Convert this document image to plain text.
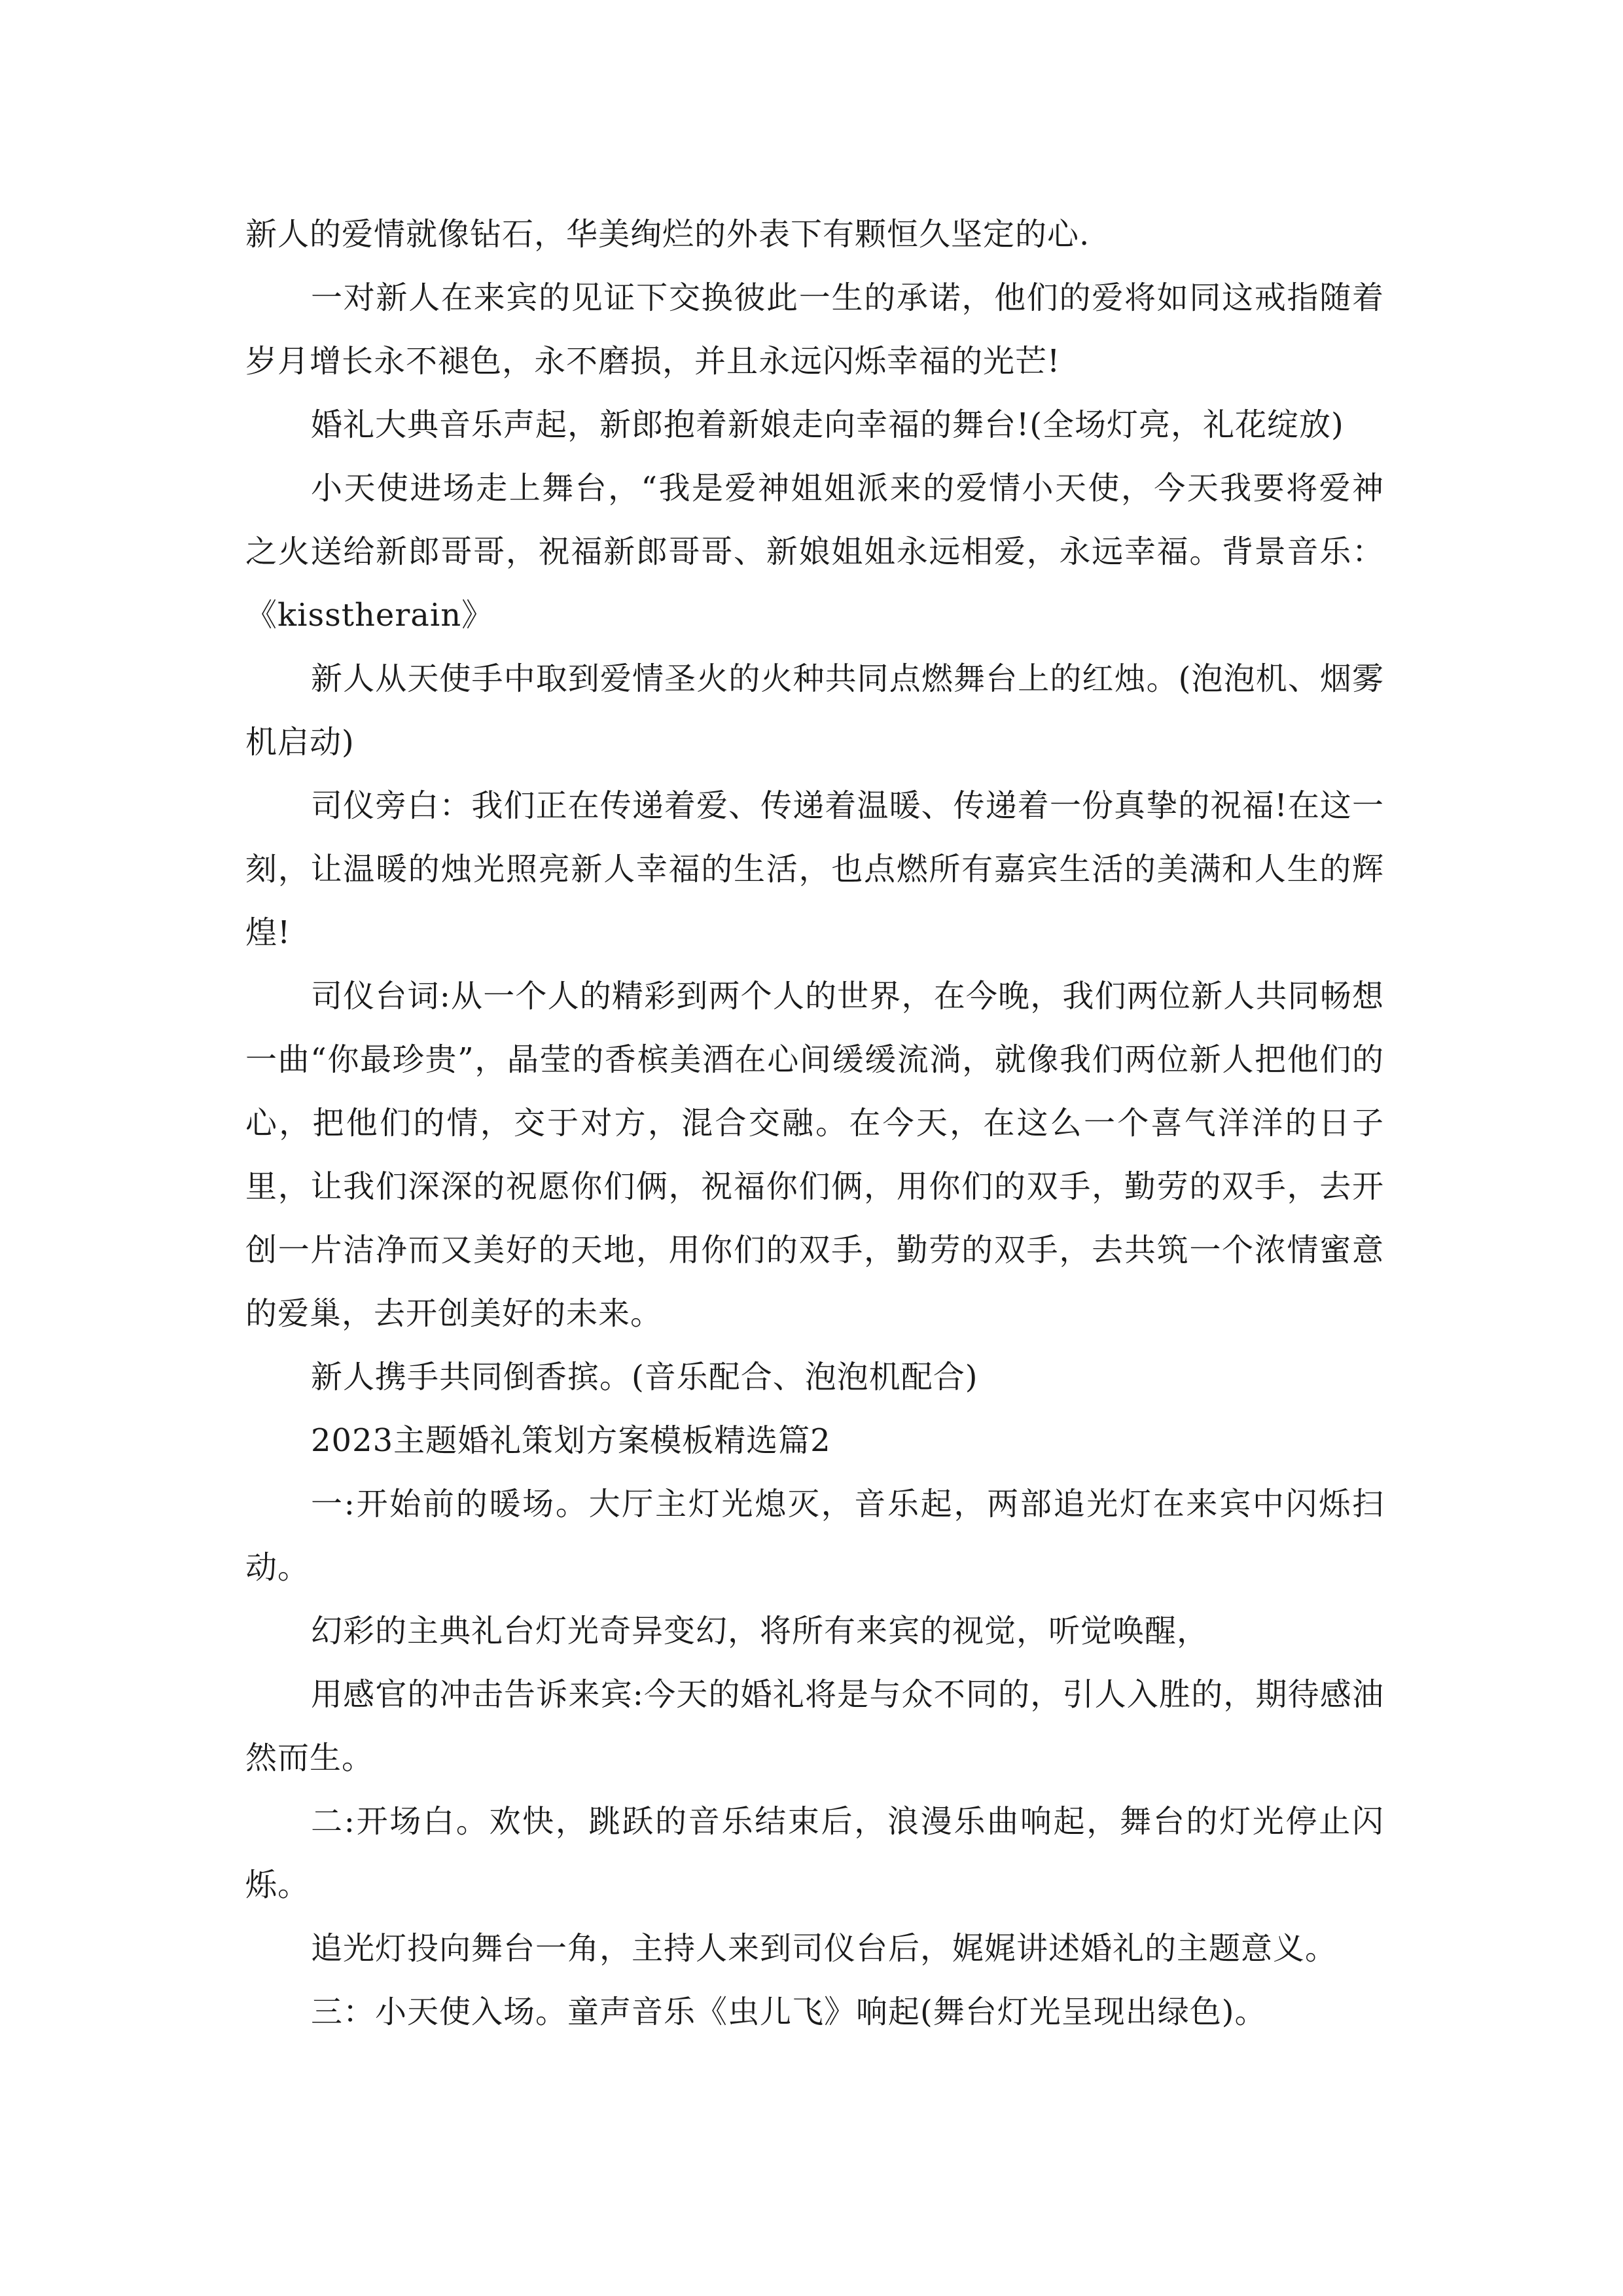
新人的爱情就像钻石，华美绚烂的外表下有颗恒久坚定的心.

一对新人在来宾的见证下交换彼此一生的承诺，他们的爱将如同这戒指随着岁月增长永不褪色，永不磨损，并且永远闪烁幸福的光芒!

婚礼大典音乐声起，新郎抱着新娘走向幸福的舞台!(全场灯亮，礼花绽放)

小天使进场走上舞台，“我是爱神姐姐派来的爱情小天使，今天我要将爱神之火送给新郎哥哥，祝福新郎哥哥、新娘姐姐永远相爱，永远幸福。背景音乐：《kisstherain》

新人从天使手中取到爱情圣火的火种共同点燃舞台上的红烛。(泡泡机、烟雾机启动)

司仪旁白：我们正在传递着爱、传递着温暖、传递着一份真挚的祝福!在这一刻，让温暖的烛光照亮新人幸福的生活，也点燃所有嘉宾生活的美满和人生的辉煌!

司仪台词:从一个人的精彩到两个人的世界，在今晚，我们两位新人共同畅想一曲“你最珍贵”，晶莹的香槟美酒在心间缓缓流淌，就像我们两位新人把他们的心，把他们的情，交于对方，混合交融。在今天，在这么一个喜气洋洋的日子里，让我们深深的祝愿你们俩，祝福你们俩，用你们的双手，勤劳的双手，去开创一片洁净而又美好的天地，用你们的双手，勤劳的双手，去共筑一个浓情蜜意的爱巢，去开创美好的未来。

新人携手共同倒香摈。(音乐配合、泡泡机配合)

2023主题婚礼策划方案模板精选篇2

一:开始前的暖场。大厅主灯光熄灭，音乐起，两部追光灯在来宾中闪烁扫动。

幻彩的主典礼台灯光奇异变幻，将所有来宾的视觉，听觉唤醒，

用感官的冲击告诉来宾:今天的婚礼将是与众不同的，引人入胜的，期待感油然而生。

二:开场白。欢快，跳跃的音乐结束后，浪漫乐曲响起，舞台的灯光停止闪烁。

追光灯投向舞台一角，主持人来到司仪台后，娓娓讲述婚礼的主题意义。

三：小天使入场。童声音乐《虫儿飞》响起(舞台灯光呈现出绿色)。
